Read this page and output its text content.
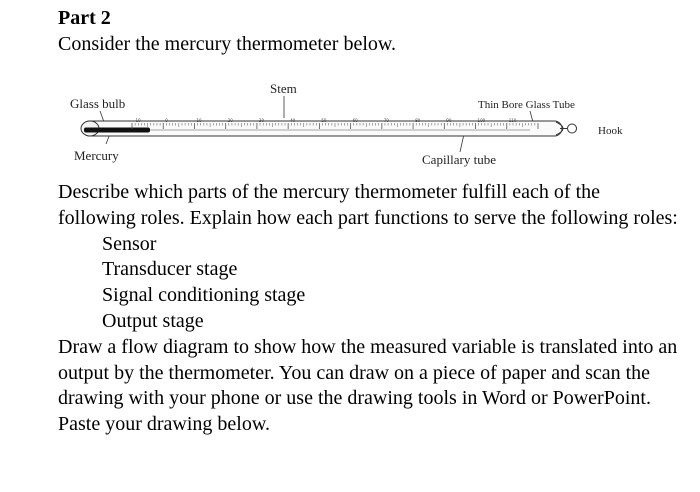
Part 2
Consider the mercury thermometer below.
Glass bulb
Stem
Thin Bore Glass Tube
Hook
Mercury	Capillary tube
-10	0	10	20	30	40	50	60	70	80	90	100	110

Describe which parts of the mercury thermometer fulfill each of the following roles. Explain how each part functions to serve the following roles:

Sensor
Transducer stage
Signal conditioning stage
Output stage

Draw a flow diagram to show how the measured variable is translated into an output by the thermometer. You can draw on a piece of paper and scan the drawing with your phone or use the drawing tools in Word or PowerPoint. Paste your drawing below.
